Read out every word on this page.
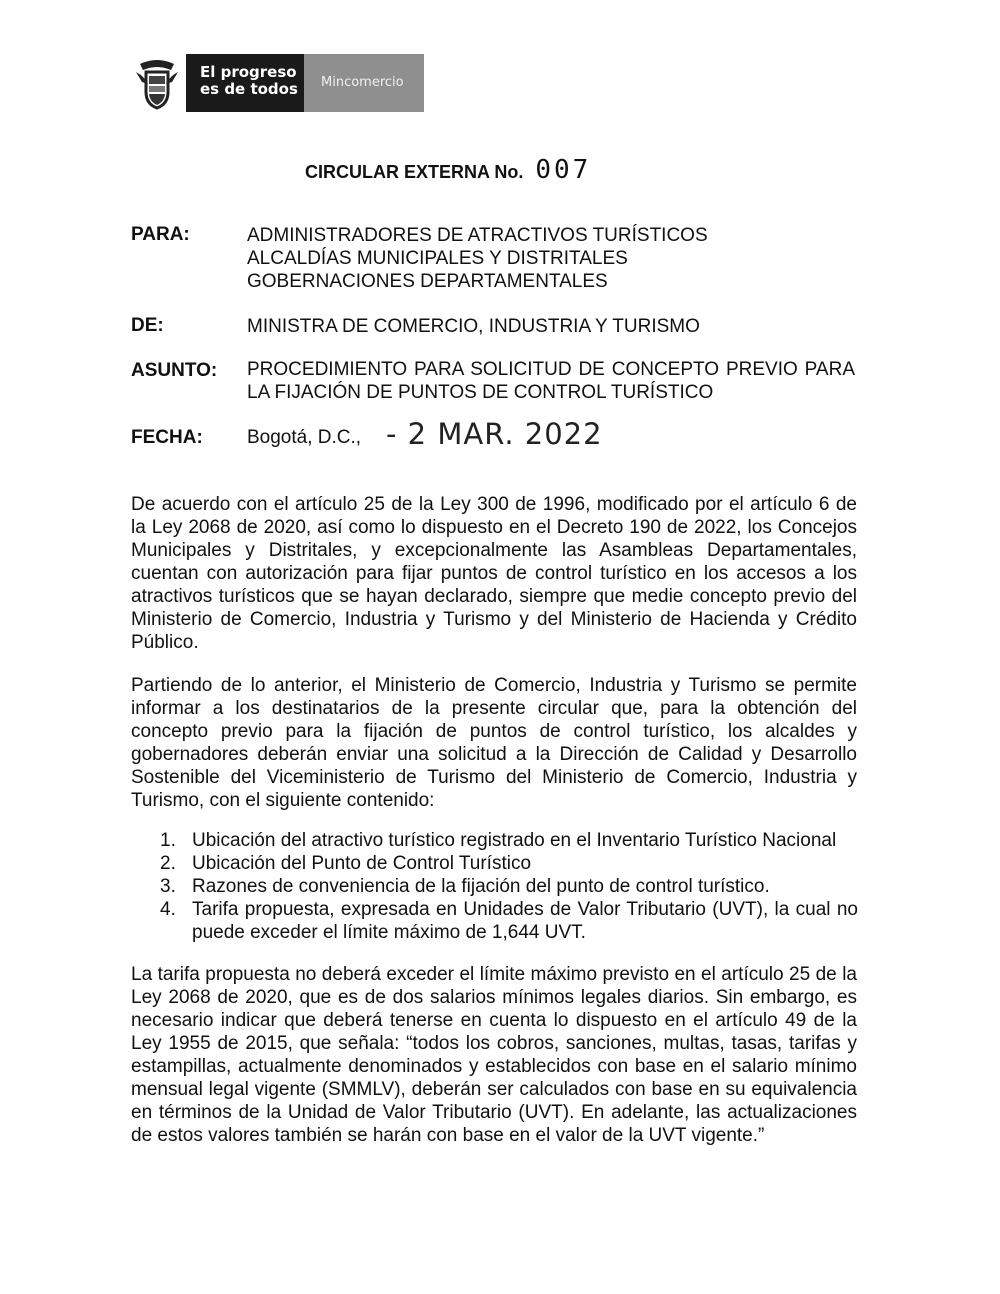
El progreso
es de todos Mincomercio
CIRCULAR EXTERNA No. 007
PARA:	ADMINISTRADORES DE ATRACTIVOS TURÍSTICOS
ALCALDÍAS MUNICIPALES Y DISTRITALES
GOBERNACIONES DEPARTAMENTALES
DE:	MINISTRA DE COMERCIO, INDUSTRIA Y TURISMO
ASUNTO: PROCEDIMIENTO PARA SOLICITUD DE CONCEPTO PREVIO PARA LA FIJACIÓN DE PUNTOS DE CONTROL TURÍSTICO
FECHA: Bogotá, D.C., - 2 MAR. 2022

De acuerdo con el artículo 25 de la Ley 300 de 1996, modificado por el artículo 6 de la Ley 2068 de 2020, así como lo dispuesto en el Decreto 190 de 2022, los Concejos Municipales y Distritales, y excepcionalmente las Asambleas Departamentales, cuentan con autorización para fijar puntos de control turístico en los accesos a los atractivos turísticos que se hayan declarado, siempre que medie concepto previo del Ministerio de Comercio, Industria y Turismo y del Ministerio de Hacienda y Crédito Público.

Partiendo de lo anterior, el Ministerio de Comercio, Industria y Turismo se permite informar a los destinatarios de la presente circular que, para la obtención del concepto previo para la fijación de puntos de control turístico, los alcaldes y gobernadores deberán enviar una solicitud a la Dirección de Calidad y Desarrollo Sostenible del Viceministerio de Turismo del Ministerio de Comercio, Industria y Turismo, con el siguiente contenido:

1. Ubicación del atractivo turístico registrado en el Inventario Turístico Nacional
2. Ubicación del Punto de Control Turístico
3. Razones de conveniencia de la fijación del punto de control turístico.
4. Tarifa propuesta, expresada en Unidades de Valor Tributario (UVT), la cual no puede exceder el límite máximo de 1,644 UVT.

La tarifa propuesta no deberá exceder el límite máximo previsto en el artículo 25 de la Ley 2068 de 2020, que es de dos salarios mínimos legales diarios. Sin embargo, es necesario indicar que deberá tenerse en cuenta lo dispuesto en el artículo 49 de la Ley 1955 de 2015, que señala: “todos los cobros, sanciones, multas, tasas, tarifas y estampillas, actualmente denominados y establecidos con base en el salario mínimo mensual legal vigente (SMMLV), deberán ser calculados con base en su equivalencia en términos de la Unidad de Valor Tributario (UVT). En adelante, las actualizaciones de estos valores también se harán con base en el valor de la UVT vigente.”
